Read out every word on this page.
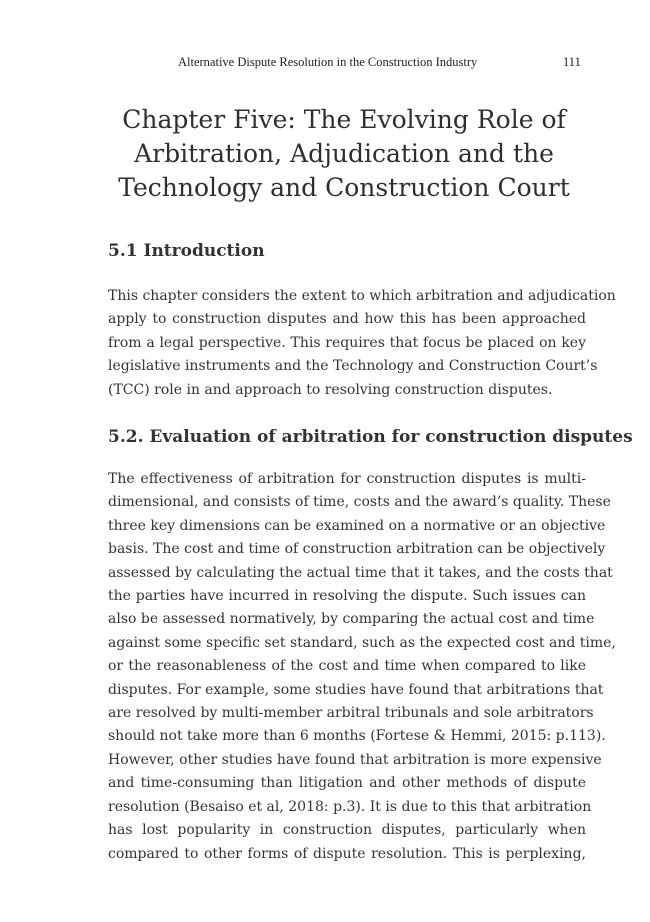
Alternative Dispute Resolution in the Construction Industry	111
Chapter Five: The Evolving Role of
Arbitration, Adjudication and the
Technology and Construction Court
5.1 Introduction
This chapter considers the extent to which arbitration and adjudication
apply to construction disputes and how this has been approached
from a legal perspective. This requires that focus be placed on key
legislative instruments and the Technology and Construction Court’s
(TCC) role in and approach to resolving construction disputes.
5.2. Evaluation of arbitration for construction disputes
The effectiveness of arbitration for construction disputes is multi-
dimensional, and consists of time, costs and the award’s quality. These
three key dimensions can be examined on a normative or an objective
basis. The cost and time of construction arbitration can be objectively
assessed by calculating the actual time that it takes, and the costs that
the parties have incurred in resolving the dispute. Such issues can
also be assessed normatively, by comparing the actual cost and time
against some specific set standard, such as the expected cost and time,
or the reasonableness of the cost and time when compared to like
disputes. For example, some studies have found that arbitrations that
are resolved by multi-member arbitral tribunals and sole arbitrators
should not take more than 6 months (Fortese & Hemmi, 2015: p.113).
However, other studies have found that arbitration is more expensive
and time-consuming than litigation and other methods of dispute
resolution (Besaiso et al, 2018: p.3). It is due to this that arbitration
has lost popularity in construction disputes, particularly when
compared to other forms of dispute resolution. This is perplexing,
